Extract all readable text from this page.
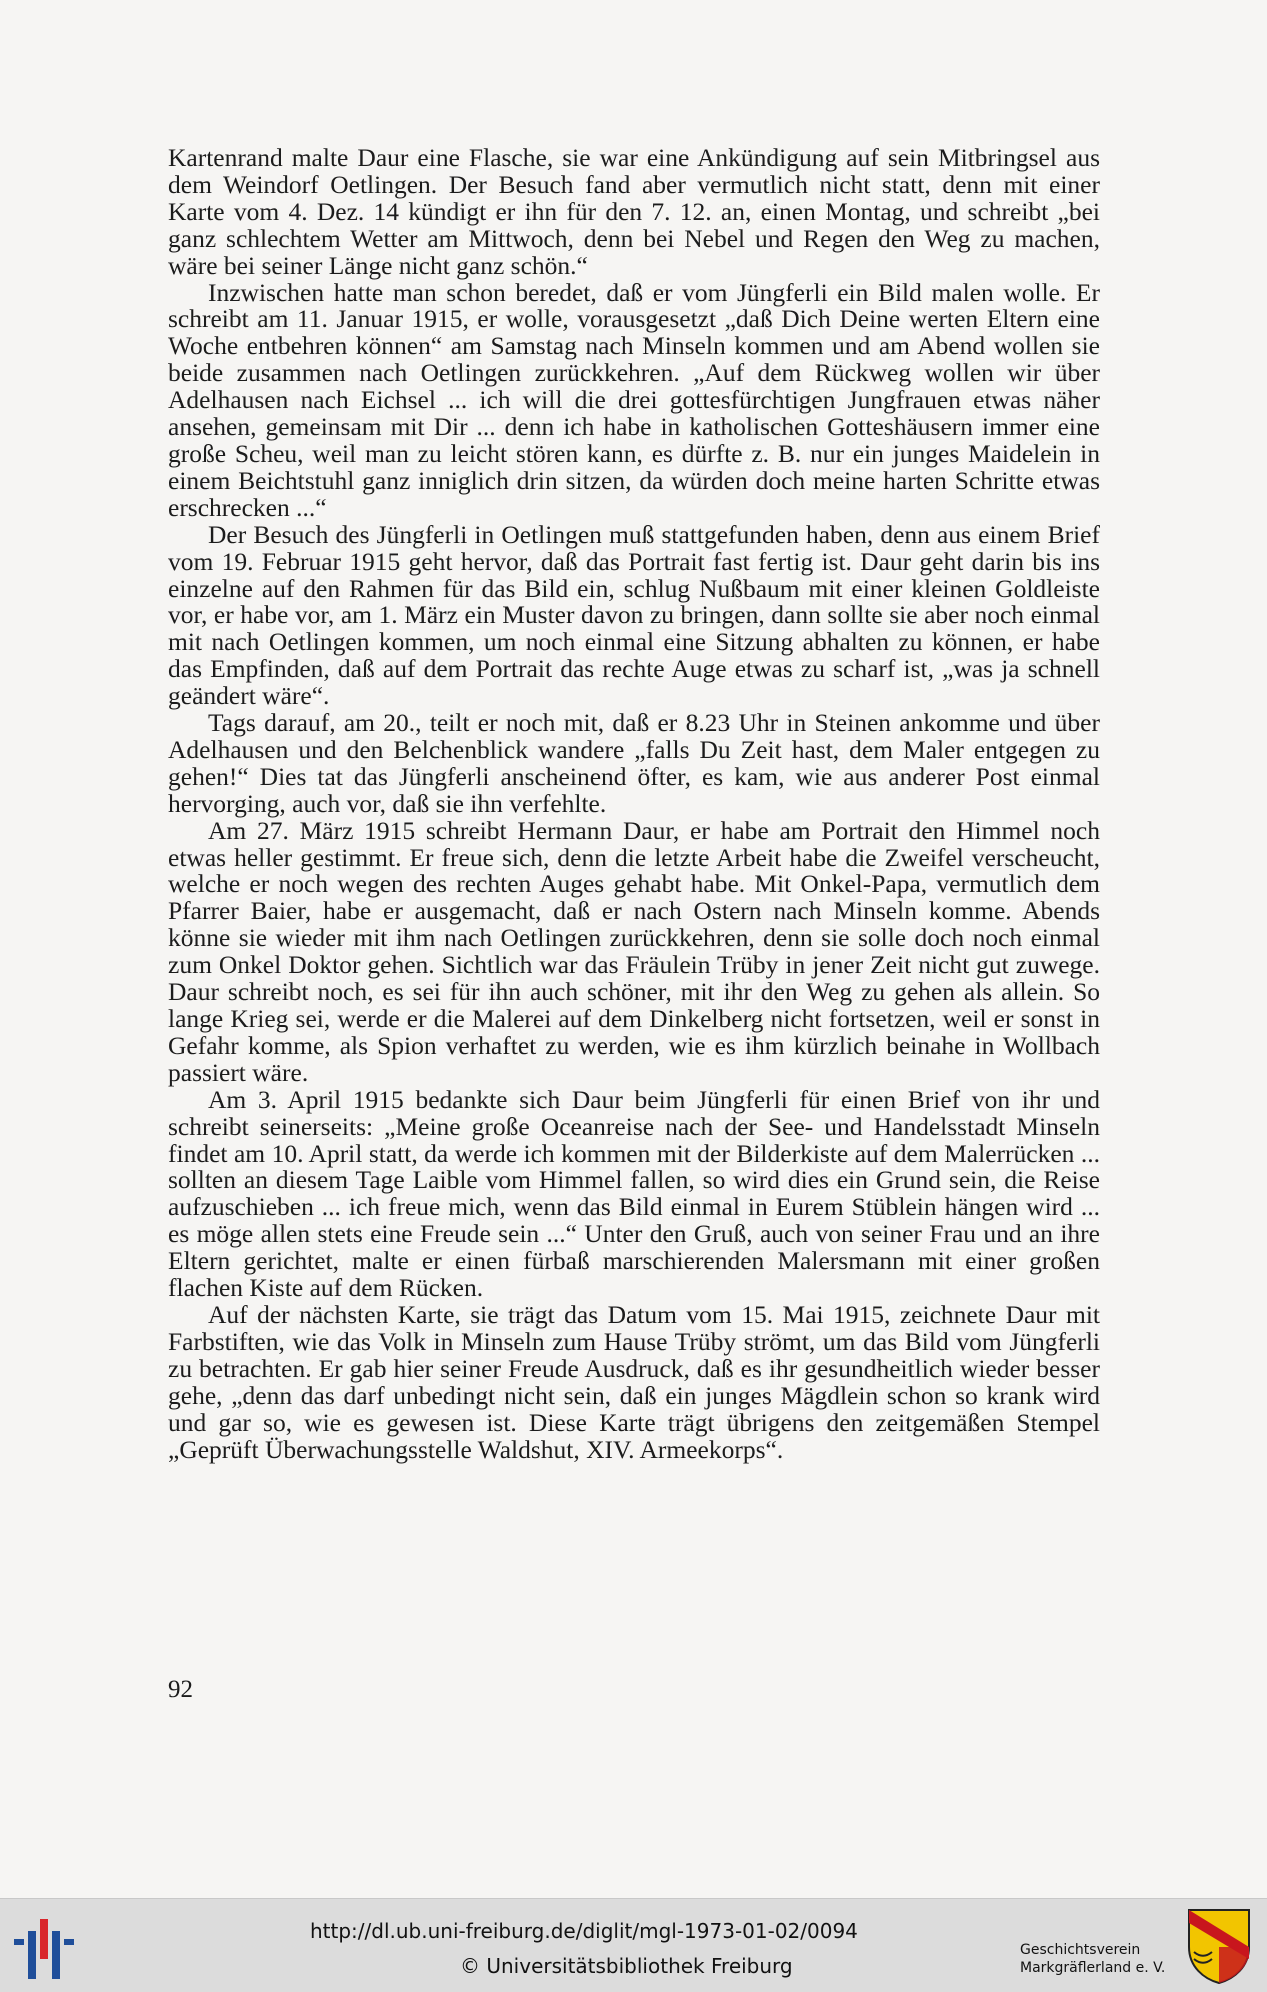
Kartenrand malte Daur eine Flasche, sie war eine Ankündigung auf sein Mitbringsel aus dem Weindorf Oetlingen. Der Besuch fand aber vermutlich nicht statt, denn mit einer Karte vom 4. Dez. 14 kündigt er ihn für den 7. 12. an, einen Montag, und schreibt „bei ganz schlechtem Wetter am Mittwoch, denn bei Nebel und Regen den Weg zu machen, wäre bei seiner Länge nicht ganz schön.“

Inzwischen hatte man schon beredet, daß er vom Jüngferli ein Bild malen wolle. Er schreibt am 11. Januar 1915, er wolle, vorausgesetzt „daß Dich Deine werten Eltern eine Woche entbehren können“ am Samstag nach Minseln kommen und am Abend wollen sie beide zusammen nach Oetlingen zurückkehren. „Auf dem Rückweg wollen wir über Adelhausen nach Eichsel ... ich will die drei gottesfürchtigen Jungfrauen etwas näher ansehen, gemeinsam mit Dir ... denn ich habe in katholischen Gotteshäusern immer eine große Scheu, weil man zu leicht stören kann, es dürfte z. B. nur ein junges Maidelein in einem Beichtstuhl ganz inniglich drin sitzen, da würden doch meine harten Schritte etwas erschrecken ...“

Der Besuch des Jüngferli in Oetlingen muß stattgefunden haben, denn aus einem Brief vom 19. Februar 1915 geht hervor, daß das Portrait fast fertig ist. Daur geht darin bis ins einzelne auf den Rahmen für das Bild ein, schlug Nußbaum mit einer kleinen Goldleiste vor, er habe vor, am 1. März ein Muster davon zu bringen, dann sollte sie aber noch einmal mit nach Oetlingen kommen, um noch einmal eine Sitzung abhalten zu können, er habe das Empfinden, daß auf dem Portrait das rechte Auge etwas zu scharf ist, „was ja schnell geändert wäre“.

Tags darauf, am 20., teilt er noch mit, daß er 8.23 Uhr in Steinen ankomme und über Adelhausen und den Belchenblick wandere „falls Du Zeit hast, dem Maler entgegen zu gehen!“ Dies tat das Jüngferli anscheinend öfter, es kam, wie aus anderer Post einmal hervorging, auch vor, daß sie ihn verfehlte.

Am 27. März 1915 schreibt Hermann Daur, er habe am Portrait den Himmel noch etwas heller gestimmt. Er freue sich, denn die letzte Arbeit habe die Zweifel verscheucht, welche er noch wegen des rechten Auges gehabt habe. Mit Onkel-Papa, vermutlich dem Pfarrer Baier, habe er ausgemacht, daß er nach Ostern nach Minseln komme. Abends könne sie wieder mit ihm nach Oetlingen zurückkehren, denn sie solle doch noch einmal zum Onkel Doktor gehen. Sichtlich war das Fräulein Trüby in jener Zeit nicht gut zuwege. Daur schreibt noch, es sei für ihn auch schöner, mit ihr den Weg zu gehen als allein. So lange Krieg sei, werde er die Malerei auf dem Dinkelberg nicht fortsetzen, weil er sonst in Gefahr komme, als Spion verhaftet zu werden, wie es ihm kürzlich beinahe in Wollbach passiert wäre.

Am 3. April 1915 bedankte sich Daur beim Jüngferli für einen Brief von ihr und schreibt seinerseits: „Meine große Oceanreise nach der See- und Handelsstadt Minseln findet am 10. April statt, da werde ich kommen mit der Bilderkiste auf dem Malerrücken ... sollten an diesem Tage Laible vom Himmel fallen, so wird dies ein Grund sein, die Reise aufzuschieben ... ich freue mich, wenn das Bild einmal in Eurem Stüblein hängen wird ... es möge allen stets eine Freude sein ...“ Unter den Gruß, auch von seiner Frau und an ihre Eltern gerichtet, malte er einen fürbaß marschierenden Malersmann mit einer großen flachen Kiste auf dem Rücken.

Auf der nächsten Karte, sie trägt das Datum vom 15. Mai 1915, zeichnete Daur mit Farbstiften, wie das Volk in Minseln zum Hause Trüby strömt, um das Bild vom Jüngferli zu betrachten. Er gab hier seiner Freude Ausdruck, daß es ihr gesundheitlich wieder besser gehe, „denn das darf unbedingt nicht sein, daß ein junges Mägdlein schon so krank wird und gar so, wie es gewesen ist. Diese Karte trägt übrigens den zeitgemäßen Stempel „Geprüft Überwachungsstelle Waldshut, XIV. Armeekorps“.

92
http://dl.ub.uni-freiburg.de/diglit/mgl-1973-01-02/0094
© Universitätsbibliothek Freiburg
Geschichtsverein
Markgräflerland e. V.
